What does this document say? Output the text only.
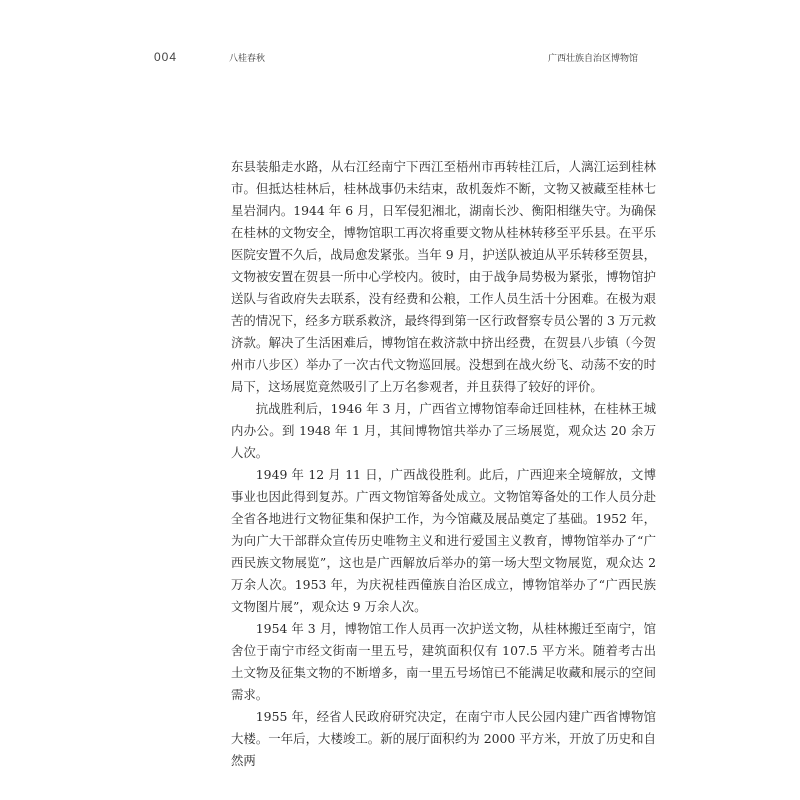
004	八桂春秋	广西壮族自治区博物馆

东县装船走水路，从右江经南宁下西江至梧州市再转桂江后，人漓江运到桂林市。但抵达桂林后，桂林战事仍未结束，敌机轰炸不断，文物又被藏至桂林七星岩洞内。1944 年 6 月，日军侵犯湘北，湖南长沙、衡阳相继失守。为确保在桂林的文物安全，博物馆职工再次将重要文物从桂林转移至平乐县。在平乐医院安置不久后，战局愈发紧张。当年 9 月，护送队被迫从平乐转移至贺县，文物被安置在贺县一所中心学校内。彼时，由于战争局势极为紧张，博物馆护送队与省政府失去联系，没有经费和公粮，工作人员生活十分困难。在极为艰苦的情况下，经多方联系救济，最终得到第一区行政督察专员公署的 3 万元救济款。解决了生活困难后，博物馆在救济款中挤出经费，在贺县八步镇（今贺州市八步区）举办了一次古代文物巡回展。没想到在战火纷飞、动荡不安的时局下，这场展览竟然吸引了上万名参观者，并且获得了较好的评价。

抗战胜利后，1946 年 3 月，广西省立博物馆奉命迁回桂林，在桂林王城内办公。到 1948 年 1 月，其间博物馆共举办了三场展览，观众达 20 余万人次。

1949 年 12 月 11 日，广西战役胜利。此后，广西迎来全境解放，文博事业也因此得到复苏。广西文物馆筹备处成立。文物馆筹备处的工作人员分赴全省各地进行文物征集和保护工作，为今馆藏及展品奠定了基础。1952 年，为向广大干部群众宣传历史唯物主义和进行爱国主义教育，博物馆举办了“广西民族文物展览”，这也是广西解放后举办的第一场大型文物展览，观众达 2 万余人次。1953 年，为庆祝桂西僮族自治区成立，博物馆举办了“广西民族文物图片展”，观众达 9 万余人次。

1954 年 3 月，博物馆工作人员再一次护送文物，从桂林搬迁至南宁，馆舍位于南宁市经文街南一里五号，建筑面积仅有 107.5 平方米。随着考古出土文物及征集文物的不断增多，南一里五号场馆已不能满足收藏和展示的空间需求。

1955 年，经省人民政府研究决定，在南宁市人民公园内建广西省博物馆大楼。一年后，大楼竣工。新的展厅面积约为 2000 平方米，开放了历史和自然两
